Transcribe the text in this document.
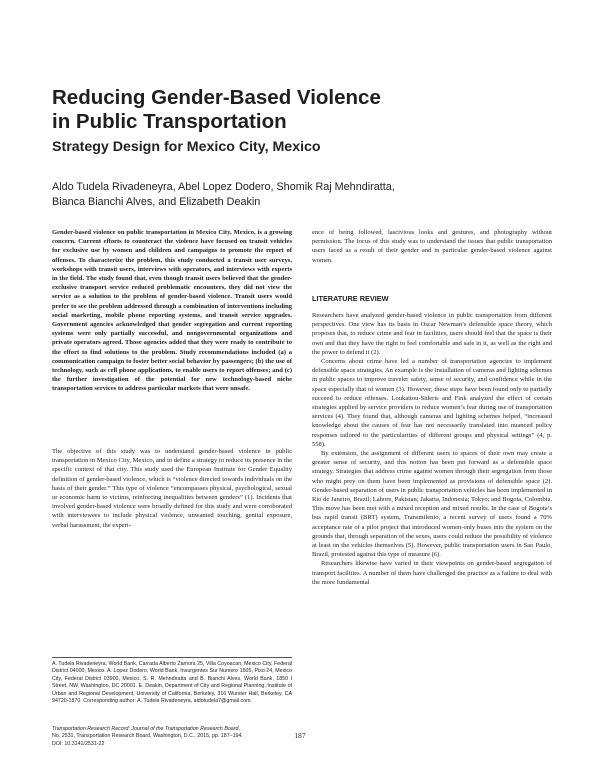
Reducing Gender-Based Violence
in Public Transportation
Strategy Design for Mexico City, Mexico
Aldo Tudela Rivadeneyra, Abel Lopez Dodero, Shomik Raj Mehndiratta,
Bianca Bianchi Alves, and Elizabeth Deakin

Gender-based violence on public transportation in Mexico City, Mexico, is a growing concern. Current efforts to counteract the violence have focused on transit vehicles for exclusive use by women and children and campaigns to promote the report of offenses. To characterize the problem, this study conducted a transit user surveys, workshops with transit users, interviews with operators, and interviews with experts in the field. The study found that, even though transit users believed that the gender-exclusive transport service reduced problematic encounters, they did not view the service as a solution to the problem of gender-based violence. Transit users would prefer to see the problem addressed through a combination of interventions including social marketing, mobile phone reporting systems, and transit service upgrades. Government agencies acknowledged that gender segregation and current reporting systems were only partially successful, and nongovernmental organizations and private operators agreed. Those agencies added that they were ready to contribute to the effort to find solutions to the problem. Study recommendations included (a) a communication campaign to foster better social behavior by passengers; (b) the use of technology, such as cell phone applications, to enable users to report offenses; and (c) the further investigation of the potential for new technology-based niche transportation services to address particular markets that were unsafe.

The objective of this study was to understand gender-based violence in public transportation in Mexico City, Mexico, and to define a strategy to reduce its presence in the specific context of that city. This study used the European Institute for Gender Equality definition of gender-based violence, which is “violence directed towards individuals on the basis of their gender.” This type of violence “encompasses physical, psychological, sexual or economic harm to victims, reinforcing inequalities between genders” (1). Incidents that involved gender-based violence were broadly defined for this study and were corroborated with interviewees to include physical violence, unwanted touching, genital exposure, verbal harassment, the experi-

A. Tudela Rivadeneyra, World Bank, Carrada Alberto Zamora 25, Villa Coyoacan, Mexico City, Federal District 04000, Mexico. A. Lopez Dodero, World Bank, Insurgentes Sur Numero 1605, Piso 24, Mexico City, Federal District 03900, Mexico. S. R. Mehndiratta and B. Bianchi Alves, World Bank, 1850 I Street, NW, Washington, DC 20001. E. Deakin, Department of City and Regional Planning, Institute of Urban and Regional Development, University of California, Berkeley, 316 Wurster Hall, Berkeley, CA 94720-1870. Corresponding author: A. Tudela Rivadeneyra, aldotudela7@gmail.com.

Transportation Research Record: Journal of the Transportation Research Board,

No. 2531, Transportation Research Board, Washington, D.C., 2015, pp. 187–194.

DOI: 10.3141/2531-22

ence of being followed, lascivious looks and gestures, and photography without permission. The focus of this study was to understand the issues that public transportation users faced as a result of their gender and in particular gender-based violence against women.

LITERATURE REVIEW

Researchers have analyzed gender-based violence in public transportation from different perspectives. One view has its basis in Oscar Newman’s defensible space theory, which proposes that, to reduce crime and fear in facilities, users should feel that the space is their own and that they have the right to feel comfortable and safe in it, as well as the right and the power to defend it (2).

Concerns about crime have led a number of transportation agencies to implement defensible space strategies. An example is the installation of cameras and lighting schemes in public spaces to improve traveler safety, sense of security, and confidence while in the space especially that of women (3). However, these steps have been found only to partially succeed to reduce offenses. Loukaitou-Sideris and Fink analyzed the effect of certain strategies applied by service providers to reduce women’s fear during use of transportation services (4). They found that, although cameras and lighting schemes helped, “increased knowledge about the causes of fear has not necessarily translated into nuanced policy responses tailored to the particularities of different groups and physical settings” (4, p. 558).

By extension, the assignment of different users to spaces of their own may create a greater sense of security, and this notion has been put forward as a defensible space strategy. Strategies that address crime against women through their segregation from those who might prey on them have been implemented as provisions of defensible space (2). Gender-based separation of users in public transportation vehicles has been implemented in Rio de Janeiro, Brazil; Lahore, Pakistan; Jakarta, Indonesia; Tokyo; and Bogota, Colombia. This move has been met with a mixed reception and mixed results. In the case of Bogota’s bus rapid transit (BRT) system, Transmilenio, a recent survey of users found a 70% acceptance rate of a pilot project that introduced women-only buses into the system on the grounds that, through separation of the sexes, users could reduce the possibility of violence at least on the vehicles themselves (5). However, public transportation users in Sao Paulo, Brazil, protested against this type of measure (6).

Researchers likewise have varied in their viewpoints on gender-based segregation of transport facilities. A number of them have challenged the practice as a failure to deal with the more fundamental

187
